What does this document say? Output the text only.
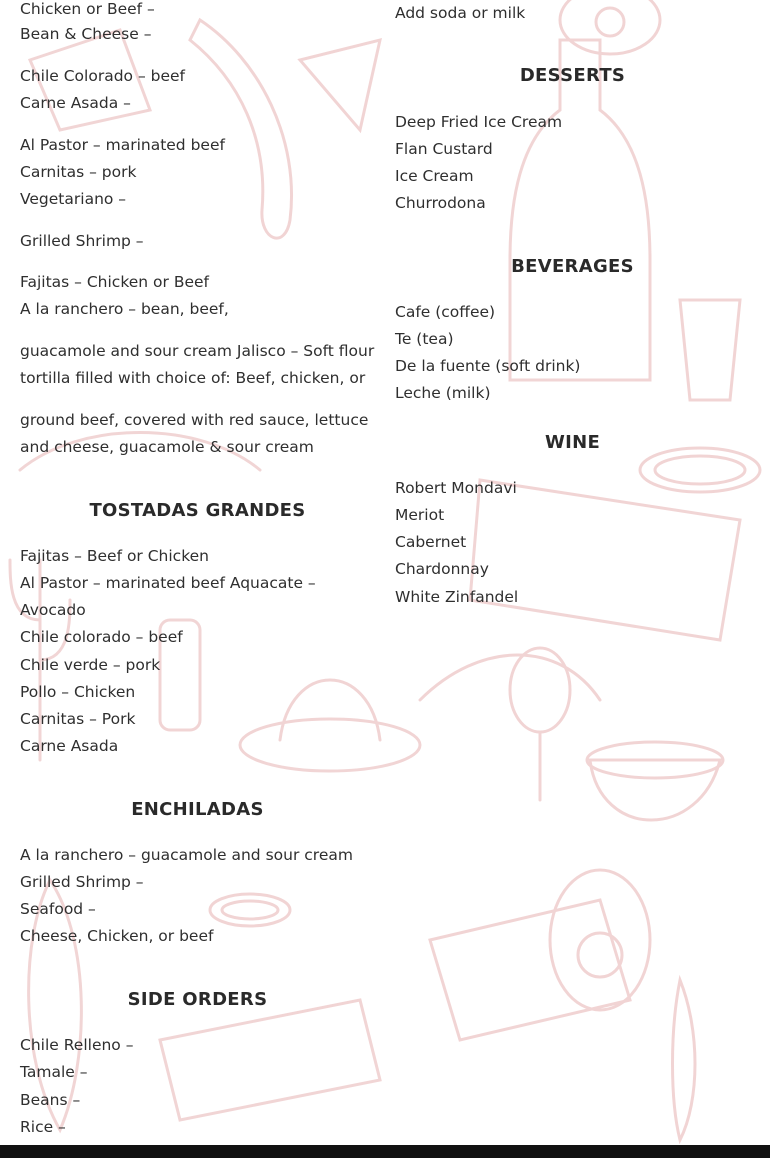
Chicken or Beef –
Bean & Cheese –
Chile Colorado – beef
Carne Asada –
Al Pastor – marinated beef
Carnitas – pork
Vegetariano –
Grilled Shrimp –
Fajitas – Chicken or Beef
A la ranchero – bean, beef,
guacamole and sour cream Jalisco – Soft flour
tortilla filled with choice of: Beef, chicken, or
ground beef, covered with red sauce, lettuce
and cheese, guacamole & sour cream
TOSTADAS GRANDES
Fajitas – Beef or Chicken
Al Pastor – marinated beef Aquacate –
Avocado
Chile colorado – beef
Chile verde – pork
Pollo – Chicken
Carnitas – Pork
Carne Asada
ENCHILADAS
A la ranchero – guacamole and sour cream
Grilled Shrimp –
Seafood –
Cheese, Chicken, or beef
SIDE ORDERS
Chile Relleno –
Tamale –
Beans –
Rice –
Add soda or milk
DESSERTS
Deep Fried Ice Cream
Flan Custard
Ice Cream
Churrodona
BEVERAGES
Cafe (coffee)
Te (tea)
De la fuente (soft drink)
Leche (milk)
WINE
Robert Mondavi
Meriot
Cabernet
Chardonnay
White Zinfandel
